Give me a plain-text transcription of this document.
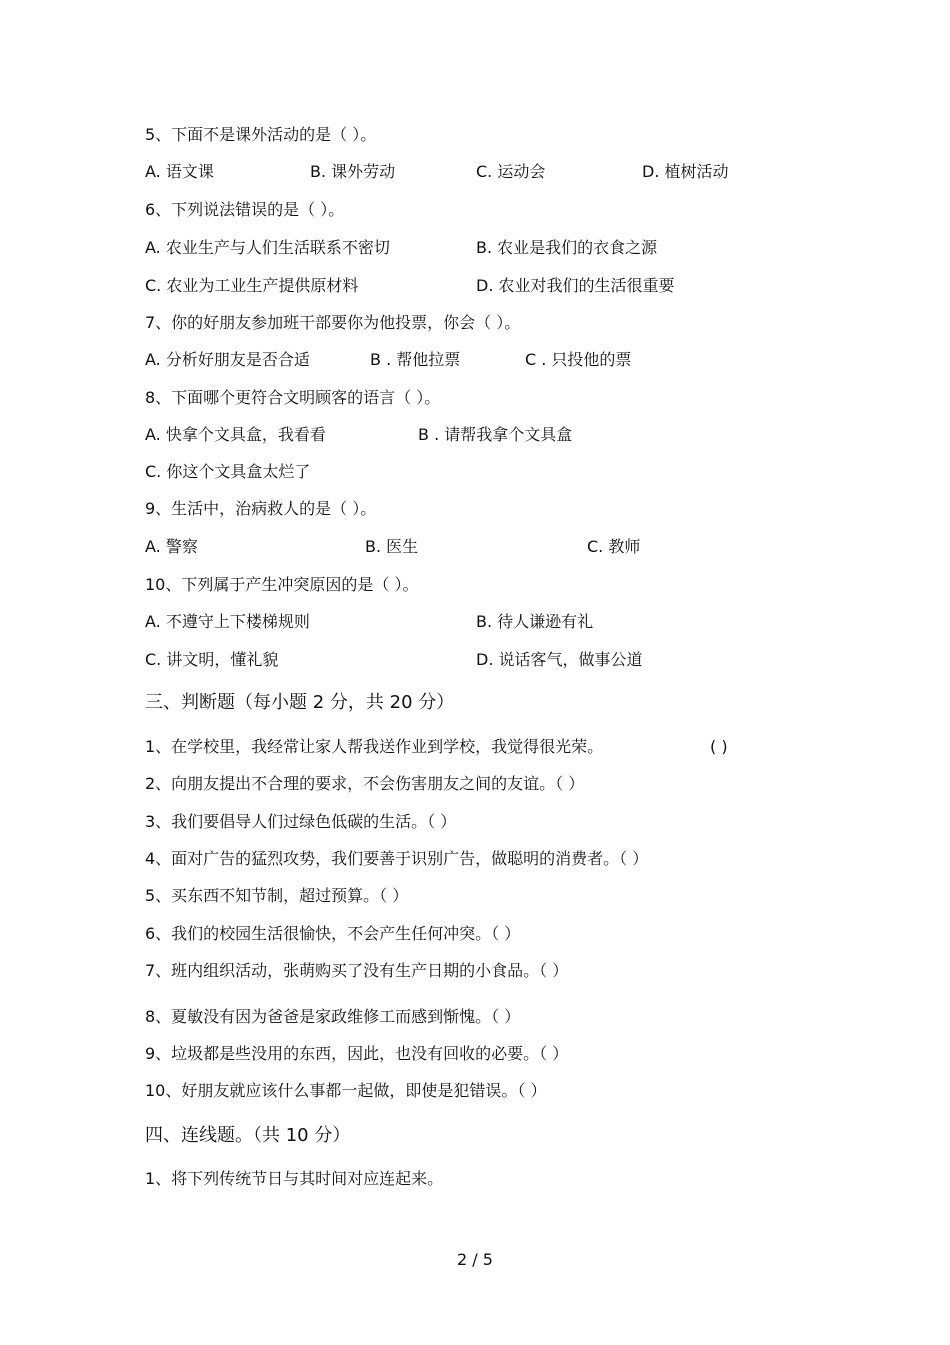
5、下面不是课外活动的是（ ）。
A. 语文课	B. 课外劳动	C. 运动会	D. 植树活动
6、下列说法错误的是（ ）。
A. 农业生产与人们生活联系不密切	B. 农业是我们的衣食之源
C. 农业为工业生产提供原材料	D. 农业对我们的生活很重要
7、你的好朋友参加班干部要你为他投票，你会（ ）。
A. 分析好朋友是否合适	B . 帮他拉票	C . 只投他的票
8、下面哪个更符合文明顾客的语言（ ）。
A. 快拿个文具盒，我看看	B . 请帮我拿个文具盒
C. 你这个文具盒太烂了
9、生活中，治病救人的是（ ）。
A. 警察	B. 医生	C. 教师
10、下列属于产生冲突原因的是（ ）。
A. 不遵守上下楼梯规则	B. 待人谦逊有礼
C. 讲文明，懂礼貌	D. 说话客气，做事公道
三、判断题（每小题 2 分，共 20 分）
1、在学校里，我经常让家人帮我送作业到学校，我觉得很光荣。	( )
2、向朋友提出不合理的要求，不会伤害朋友之间的友谊。（ ）
3、我们要倡导人们过绿色低碳的生活。（ ）
4、面对广告的猛烈攻势，我们要善于识别广告，做聪明的消费者。（ ）
5、买东西不知节制，超过预算。（ ）
6、我们的校园生活很愉快，不会产生任何冲突。（ ）
7、班内组织活动，张萌购买了没有生产日期的小食品。（ ）
8、夏敏没有因为爸爸是家政维修工而感到惭愧。（ ）
9、垃圾都是些没用的东西，因此，也没有回收的必要。（ ）
10、好朋友就应该什么事都一起做，即使是犯错误。（ ）
四、连线题。（共 10 分）
1、将下列传统节日与其时间对应连起来。
2 / 5
